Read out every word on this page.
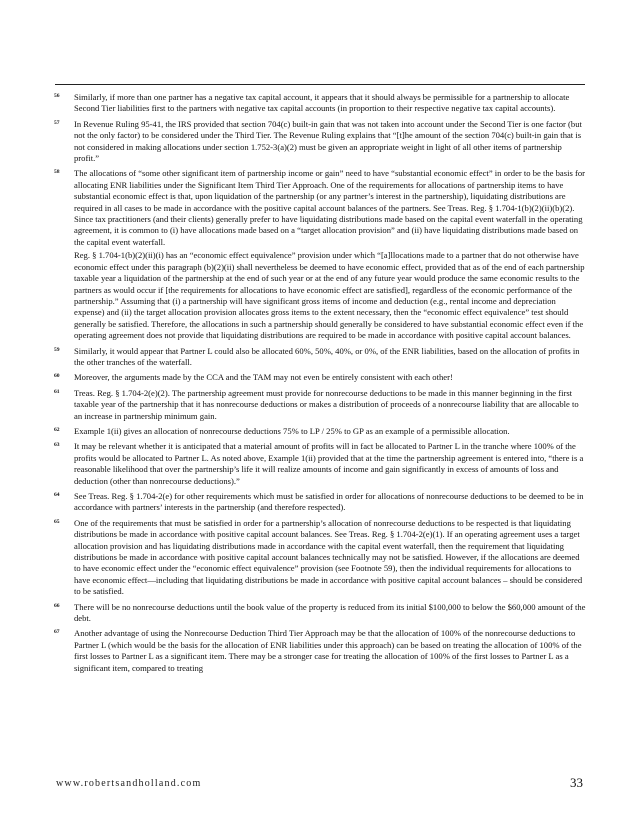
56 Similarly, if more than one partner has a negative tax capital account, it appears that it should always be permissible for a partnership to allocate Second Tier liabilities first to the partners with negative tax capital accounts (in proportion to their respective negative tax capital accounts).

57 In Revenue Ruling 95-41, the IRS provided that section 704(c) built-in gain that was not taken into account under the Second Tier is one factor (but not the only factor) to be considered under the Third Tier. The Revenue Ruling explains that “[t]he amount of the section 704(c) built-in gain that is not considered in making allocations under section 1.752-3(a)(2) must be given an appropriate weight in light of all other items of partnership profit.”

58 The allocations of “some other significant item of partnership income or gain” need to have “substantial economic effect” in order to be the basis for allocating ENR liabilities under the Significant Item Third Tier Approach. One of the requirements for allocations of partnership items to have substantial economic effect is that, upon liquidation of the partnership (or any partner’s interest in the partnership), liquidating distributions are required in all cases to be made in accordance with the positive capital account balances of the partners. See Treas. Reg. § 1.704-1(b)(2)(ii)(b)(2). Since tax practitioners (and their clients) generally prefer to have liquidating distributions made based on the capital event waterfall in the operating agreement, it is common to (i) have allocations made based on a “target allocation provision” and (ii) have liquidating distributions made based on the capital event waterfall.

Reg. § 1.704-1(b)(2)(ii)(i) has an “economic effect equivalence” provision under which “[a]llocations made to a partner that do not otherwise have economic effect under this paragraph (b)(2)(ii) shall nevertheless be deemed to have economic effect, provided that as of the end of each partnership taxable year a liquidation of the partnership at the end of such year or at the end of any future year would produce the same economic results to the partners as would occur if [the requirements for allocations to have economic effect are satisfied], regardless of the economic performance of the partnership.” Assuming that (i) a partnership will have significant gross items of income and deduction (e.g., rental income and depreciation expense) and (ii) the target allocation provision allocates gross items to the extent necessary, then the “economic effect equivalence” test should generally be satisfied. Therefore, the allocations in such a partnership should generally be considered to have substantial economic effect even if the operating agreement does not provide that liquidating distributions are required to be made in accordance with positive capital account balances.

59 Similarly, it would appear that Partner L could also be allocated 60%, 50%, 40%, or 0%, of the ENR liabilities, based on the allocation of profits in the other tranches of the waterfall.

60 Moreover, the arguments made by the CCA and the TAM may not even be entirely consistent with each other!

61 Treas. Reg. § 1.704-2(e)(2). The partnership agreement must provide for nonrecourse deductions to be made in this manner beginning in the first taxable year of the partnership that it has nonrecourse deductions or makes a distribution of proceeds of a nonrecourse liability that are allocable to an increase in partnership minimum gain.

62 Example 1(ii) gives an allocation of nonrecourse deductions 75% to LP / 25% to GP as an example of a permissible allocation.

63 It may be relevant whether it is anticipated that a material amount of profits will in fact be allocated to Partner L in the tranche where 100% of the profits would be allocated to Partner L. As noted above, Example 1(ii) provided that at the time the partnership agreement is entered into, “there is a reasonable likelihood that over the partnership’s life it will realize amounts of income and gain significantly in excess of amounts of loss and deduction (other than nonrecourse deductions).”

64 See Treas. Reg. § 1.704-2(e) for other requirements which must be satisfied in order for allocations of nonrecourse deductions to be deemed to be in accordance with partners’ interests in the partnership (and therefore respected).

65 One of the requirements that must be satisfied in order for a partnership’s allocation of nonrecourse deductions to be respected is that liquidating distributions be made in accordance with positive capital account balances. See Treas. Reg. § 1.704-2(e)(1). If an operating agreement uses a target allocation provision and has liquidating distributions made in accordance with the capital event waterfall, then the requirement that liquidating distributions be made in accordance with positive capital account balances technically may not be satisfied. However, if the allocations are deemed to have economic effect under the “economic effect equivalence” provision (see Footnote 59), then the individual requirements for allocations to have economic effect—including that liquidating distributions be made in accordance with positive capital account balances – should be considered to be satisfied.

66 There will be no nonrecourse deductions until the book value of the property is reduced from its initial $100,000 to below the $60,000 amount of the debt.

67 Another advantage of using the Nonrecourse Deduction Third Tier Approach may be that the allocation of 100% of the nonrecourse deductions to Partner L (which would be the basis for the allocation of ENR liabilities under this approach) can be based on treating the allocation of 100% of the first losses to Partner L as a significant item. There may be a stronger case for treating the allocation of 100% of the first losses to Partner L as a significant item, compared to treating

www.robertsandholland.com	33
